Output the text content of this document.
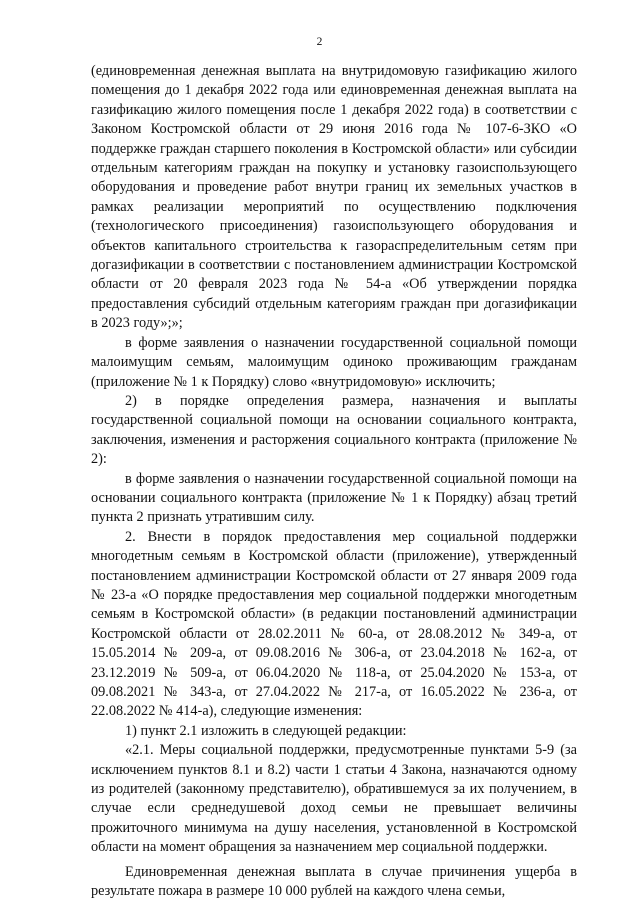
2

(единовременная денежная выплата на внутридомовую газификацию жилого помещения до 1 декабря 2022 года или единовременная денежная выплата на газификацию жилого помещения после 1 декабря 2022 года) в соответствии с Законом Костромской области от 29 июня 2016 года № 107-6-ЗКО «О поддержке граждан старшего поколения в Костромской области» или субсидии отдельным категориям граждан на покупку и установку газоиспользующего оборудования и проведение работ внутри границ их земельных участков в рамках реализации мероприятий по осуществлению подключения (технологического присоединения) газоиспользующего оборудования и объектов капитального строительства к газораспределительным сетям при догазификации в соответствии с постановлением администрации Костромской области от 20 февраля 2023 года № 54-а «Об утверждении порядка предоставления субсидий отдельным категориям граждан при догазификации в 2023 году»;»;

в форме заявления о назначении государственной социальной помощи малоимущим семьям, малоимущим одиноко проживающим гражданам (приложение № 1 к Порядку) слово «внутридомовую» исключить;

2) в порядке определения размера, назначения и выплаты государственной социальной помощи на основании социального контракта, заключения, изменения и расторжения социального контракта (приложение № 2):

в форме заявления о назначении государственной социальной помощи на основании социального контракта (приложение № 1 к Порядку) абзац третий пункта 2 признать утратившим силу.

2. Внести в порядок предоставления мер социальной поддержки многодетным семьям в Костромской области (приложение), утвержденный постановлением администрации Костромской области от 27 января 2009 года № 23-а «О порядке предоставления мер социальной поддержки многодетным семьям в Костромской области» (в редакции постановлений администрации Костромской области от 28.02.2011 № 60-а, от 28.08.2012 № 349-а, от 15.05.2014 № 209-а, от 09.08.2016 № 306-а, от 23.04.2018 № 162-а, от 23.12.2019 № 509-а, от 06.04.2020 № 118-а, от 25.04.2020 № 153-а, от 09.08.2021 № 343-а, от 27.04.2022 № 217-а, от 16.05.2022 № 236-а, от 22.08.2022 № 414-а), следующие изменения:

1) пункт 2.1 изложить в следующей редакции:

«2.1. Меры социальной поддержки, предусмотренные пунктами 5-9 (за исключением пунктов 8.1 и 8.2) части 1 статьи 4 Закона, назначаются одному из родителей (законному представителю), обратившемуся за их получением, в случае если среднедушевой доход семьи не превышает величины прожиточного минимума на душу населения, установленной в Костромской области на момент обращения за назначением мер социальной поддержки.

Единовременная денежная выплата в случае причинения ущерба в результате пожара в размере 10 000 рублей на каждого члена семьи,
